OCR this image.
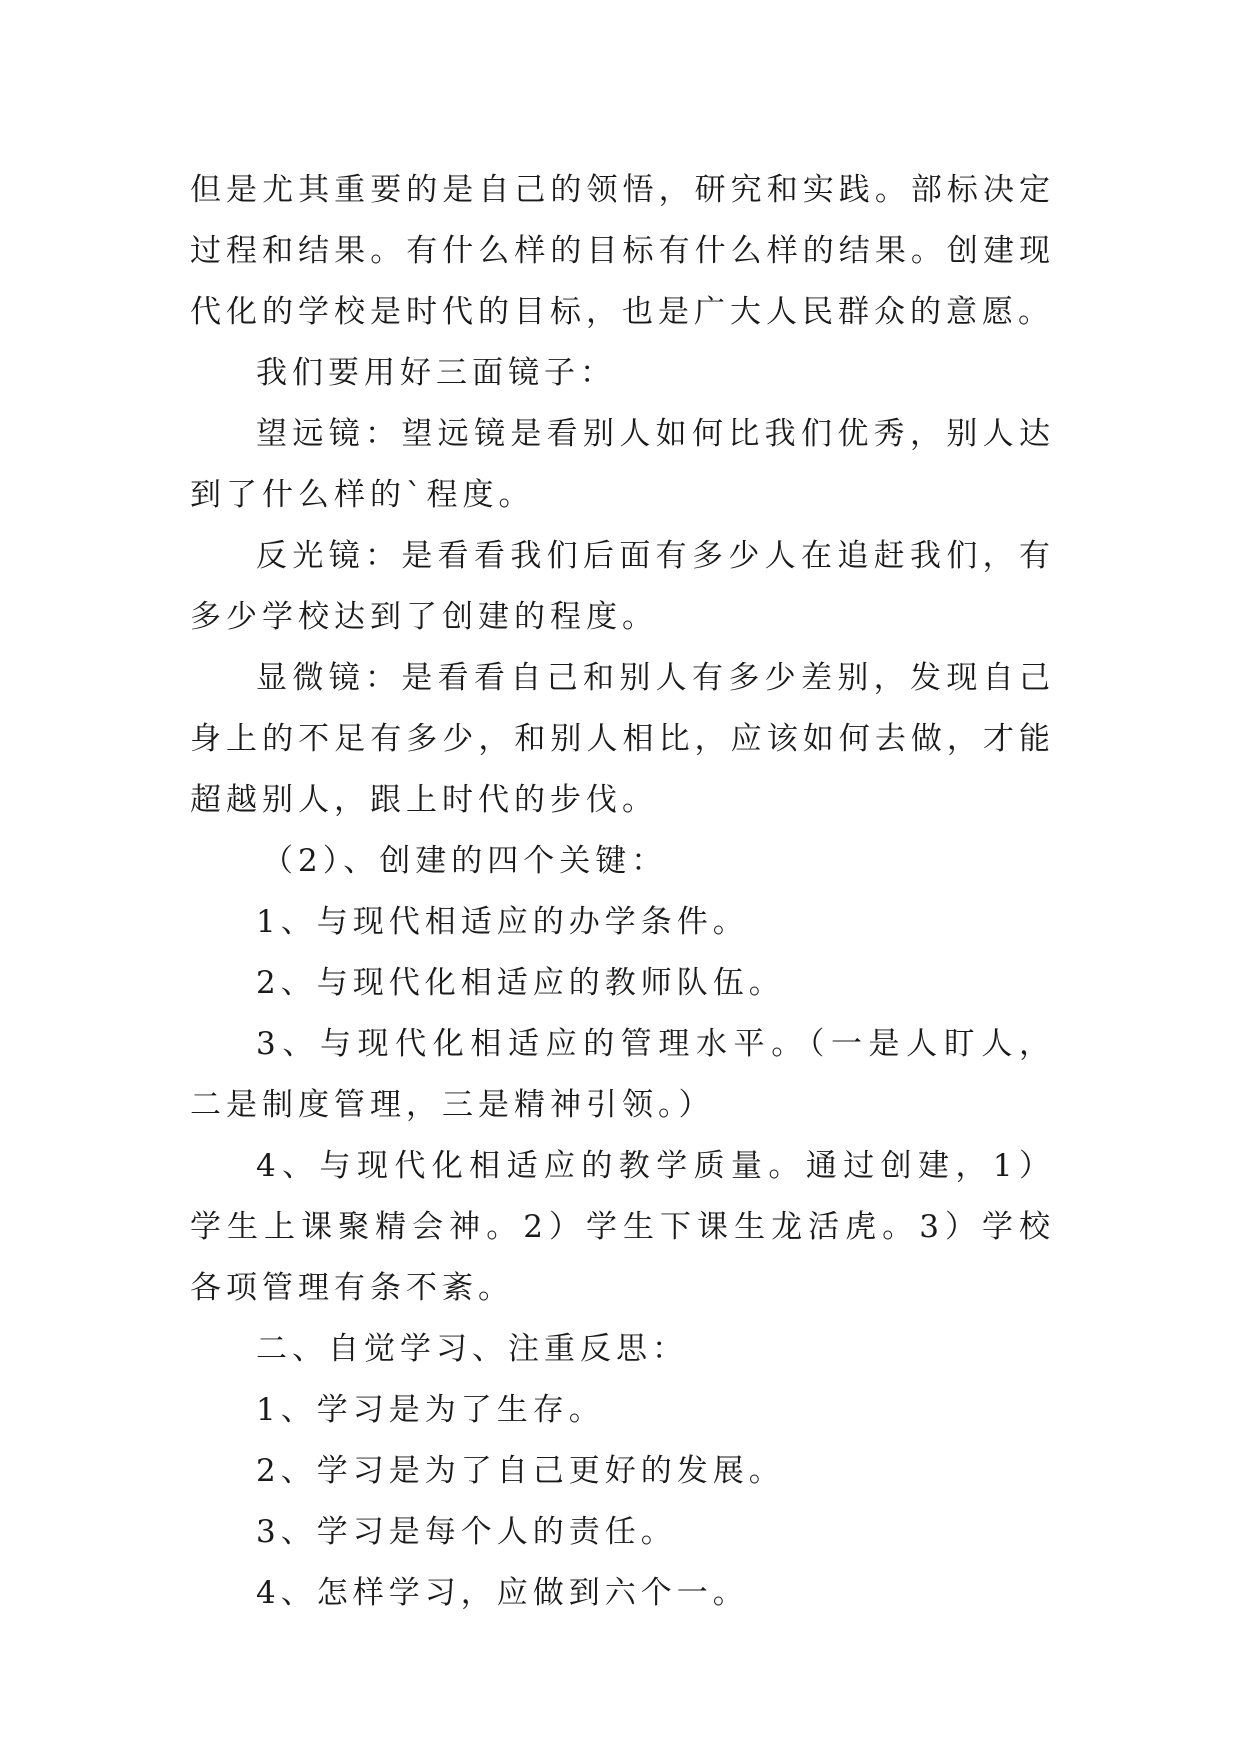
但是尤其重要的是自己的领悟，研究和实践。部标决定过程和结果。有什么样的目标有什么样的结果。创建现代化的学校是时代的目标，也是广大人民群众的意愿。

我们要用好三面镜子：

望远镜：望远镜是看别人如何比我们优秀，别人达到了什么样的`程度。

反光镜：是看看我们后面有多少人在追赶我们，有多少学校达到了创建的程度。

显微镜：是看看自己和别人有多少差别，发现自己身上的不足有多少，和别人相比，应该如何去做，才能超越别人，跟上时代的步伐。

（2）、创建的四个关键：

1、与现代相适应的办学条件。

2、与现代化相适应的教师队伍。

3、与现代化相适应的管理水平。（一是人盯人，二是制度管理，三是精神引领。）

4、与现代化相适应的教学质量。通过创建，1）学生上课聚精会神。2）学生下课生龙活虎。3）学校各项管理有条不紊。

二、自觉学习、注重反思：

1、学习是为了生存。

2、学习是为了自己更好的发展。

3、学习是每个人的责任。

4、怎样学习，应做到六个一。
